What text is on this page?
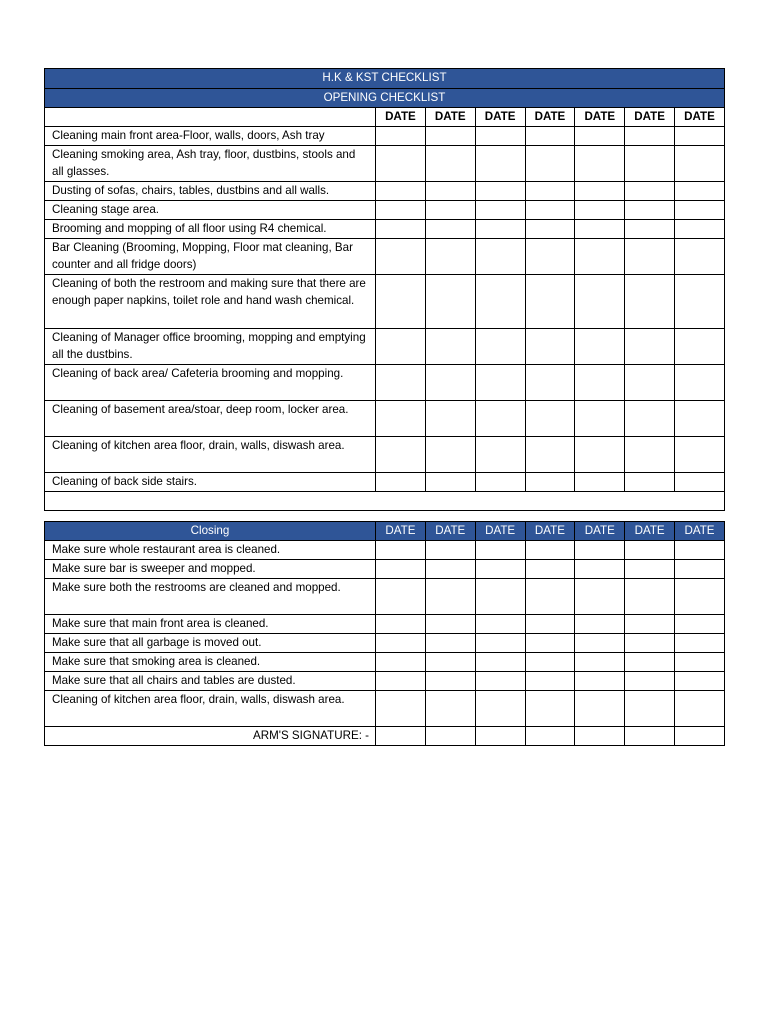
H.K & KST CHECKLIST							
OPENING CHECKLIST							
	DATE	DATE	DATE	DATE	DATE	DATE	DATE
Cleaning main front area-Floor, walls, doors, Ash tray							
Cleaning smoking area, Ash tray, floor, dustbins, stools and all glasses.							
Dusting of sofas, chairs, tables, dustbins and all walls.							
Cleaning stage area.							
Brooming and mopping of all floor using R4 chemical.							
Bar Cleaning (Brooming, Mopping, Floor mat cleaning, Bar counter and all fridge doors)							
Cleaning of both the restroom and making sure that there are enough paper napkins, toilet role and hand wash chemical.							
Cleaning of Manager office brooming, mopping and emptying all the dustbins.							
Cleaning of back area/ Cafeteria brooming and mopping.							
Cleaning of basement area/stoar, deep room, locker area.							
Cleaning of kitchen area floor, drain, walls, diswash area.							
Cleaning of back side stairs.							

Closing	DATE	DATE	DATE	DATE	DATE	DATE	DATE
Make sure whole restaurant area is cleaned.							
Make sure bar is sweeper and mopped.							
Make sure both the restrooms are cleaned and mopped.							
Make sure that main front area is cleaned.							
Make sure that all garbage is moved out.							
Make sure that smoking area is cleaned.							
Make sure that all chairs and tables are dusted.							
Cleaning of kitchen area floor, drain, walls, diswash area.							
ARM'S SIGNATURE: -							
